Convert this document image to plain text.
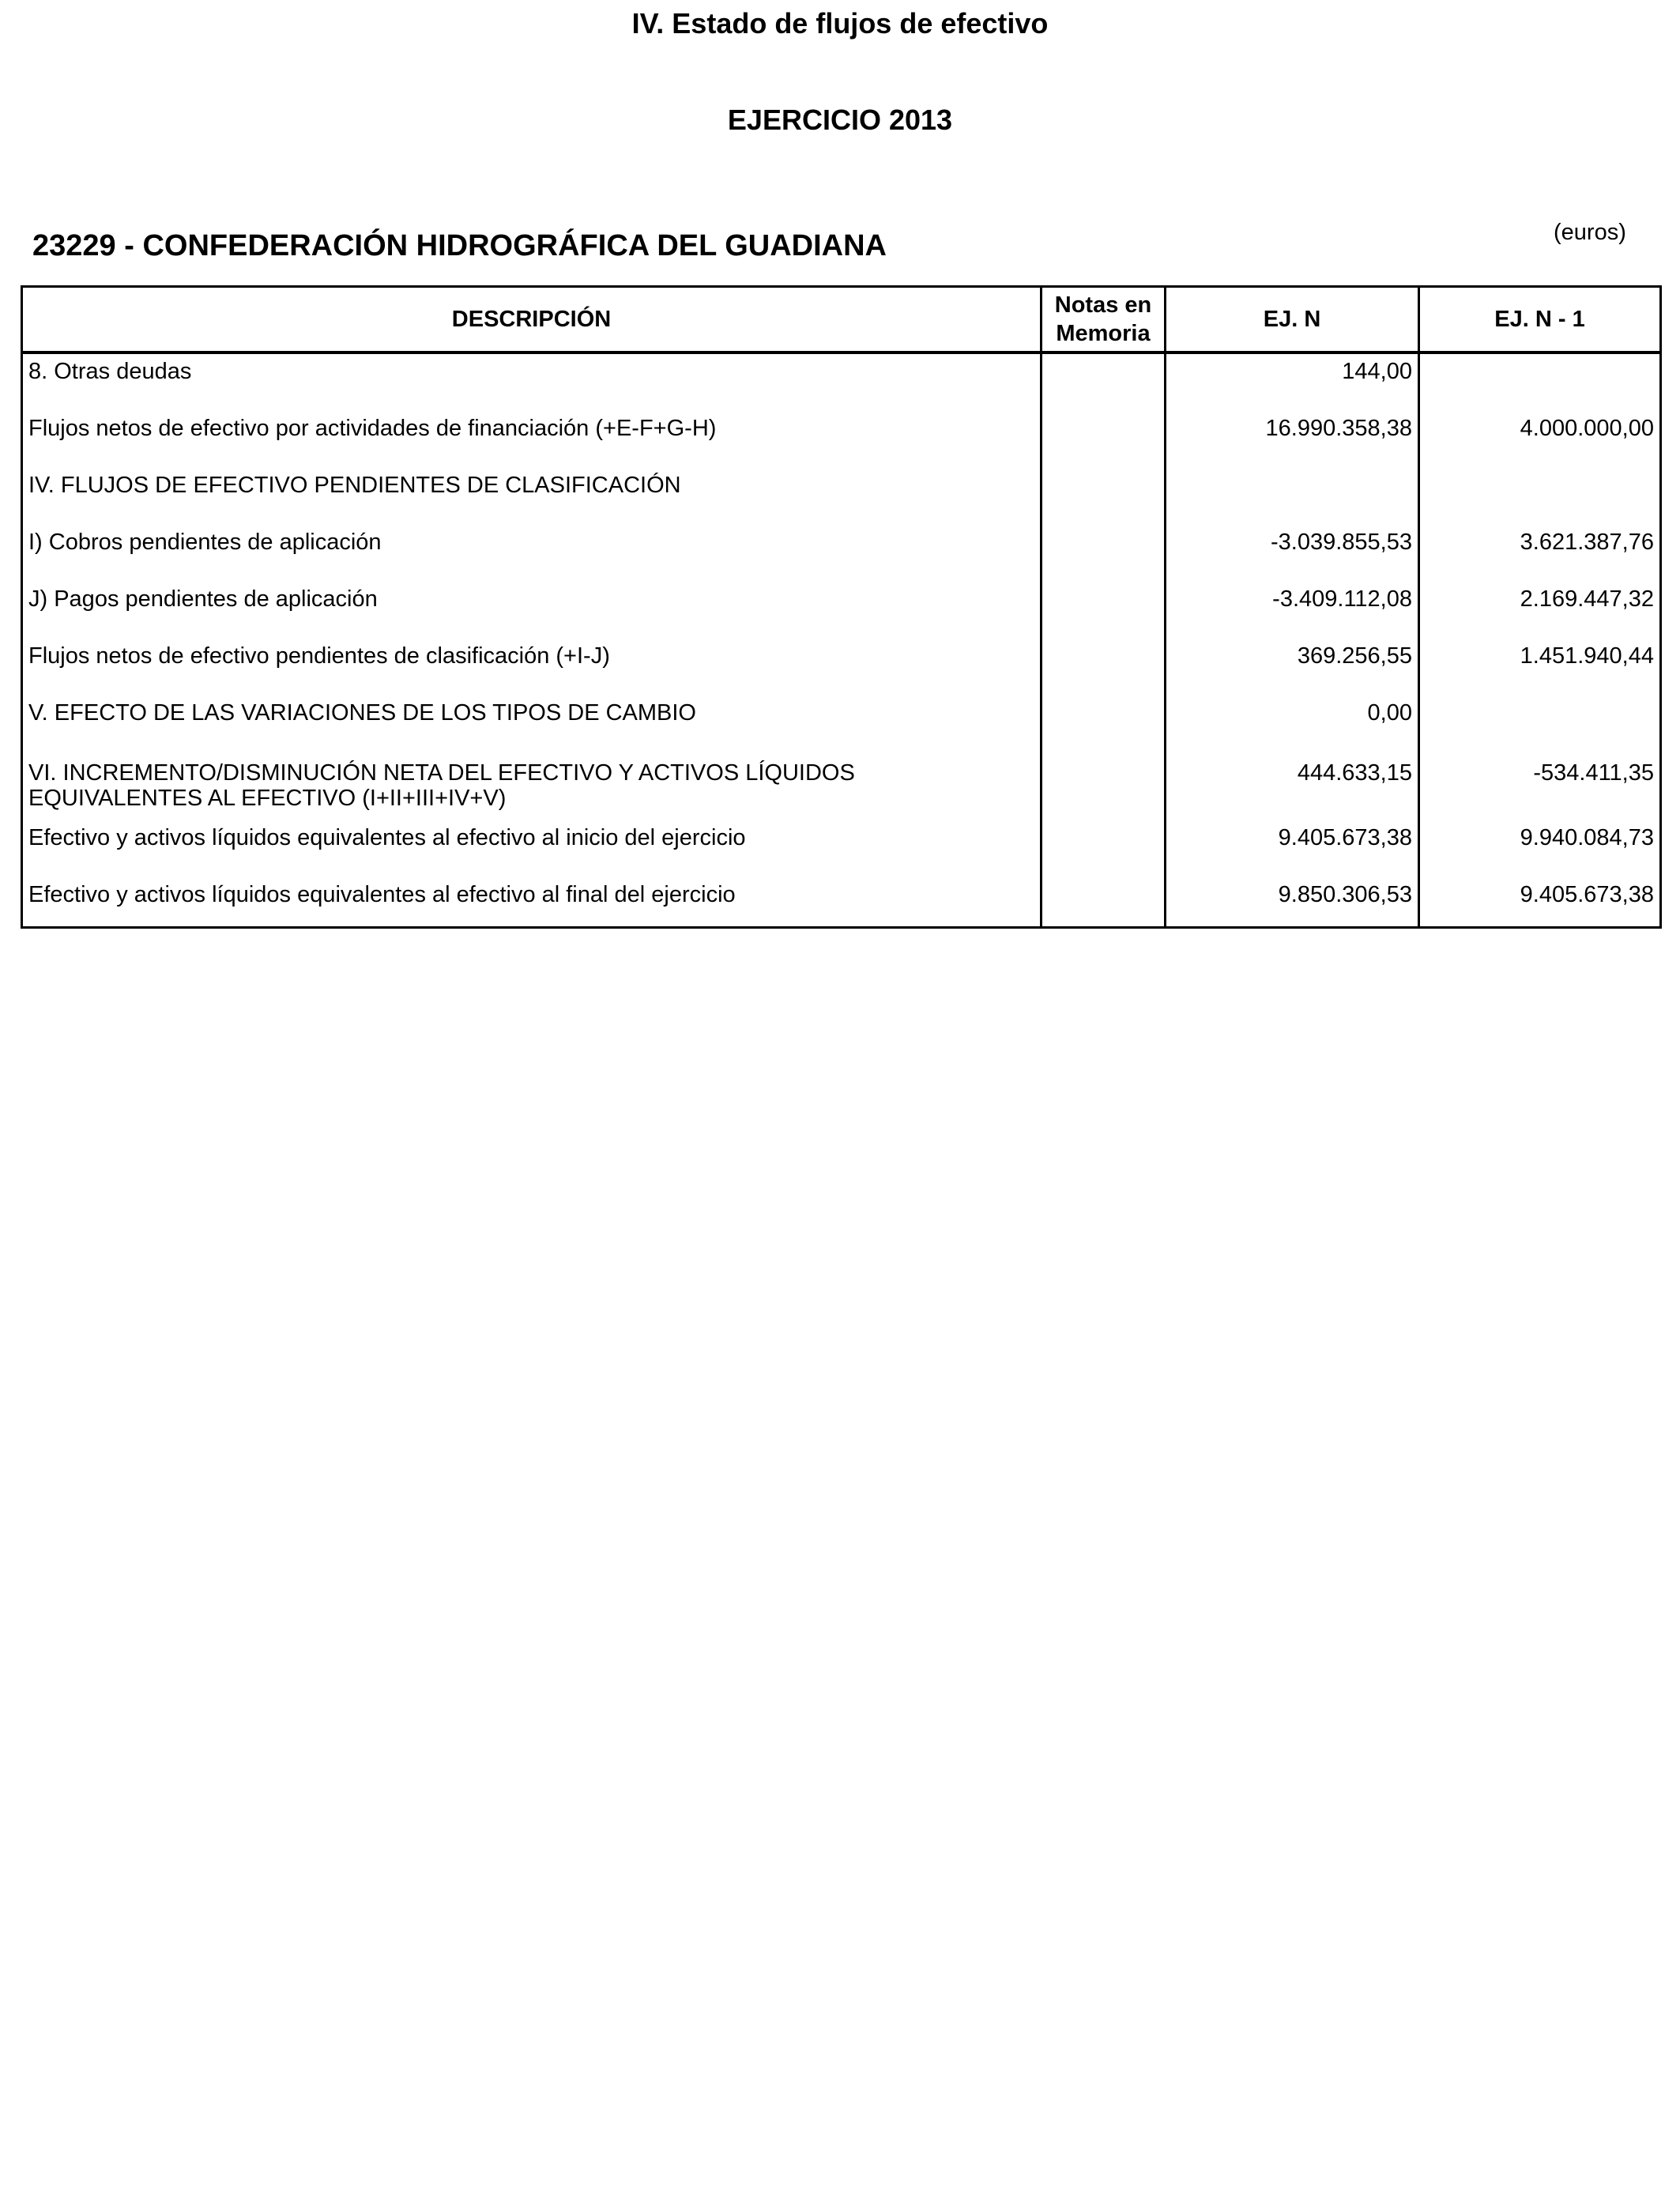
IV. Estado de flujos de efectivo
EJERCICIO 2013
23229 - CONFEDERACIÓN HIDROGRÁFICA DEL GUADIANA	(euros)
DESCRIPCIÓN	Notas en Memoria	EJ. N	EJ. N - 1
8. Otras deudas		144,00	
Flujos netos de efectivo por actividades de financiación (+E-F+G-H)		16.990.358,38	4.000.000,00
IV. FLUJOS DE EFECTIVO PENDIENTES DE CLASIFICACIÓN			
I) Cobros pendientes de aplicación		-3.039.855,53	3.621.387,76
J) Pagos pendientes de aplicación		-3.409.112,08	2.169.447,32
Flujos netos de efectivo pendientes de clasificación (+I-J)		369.256,55	1.451.940,44
V. EFECTO DE LAS VARIACIONES DE LOS TIPOS DE CAMBIO		0,00	
VI. INCREMENTO/DISMINUCIÓN NETA DEL EFECTIVO Y ACTIVOS LÍQUIDOS EQUIVALENTES AL EFECTIVO (I+II+III+IV+V)		444.633,15	-534.411,35
Efectivo y activos líquidos equivalentes al efectivo al inicio del ejercicio		9.405.673,38	9.940.084,73
Efectivo y activos líquidos equivalentes al efectivo al final del ejercicio		9.850.306,53	9.405.673,38
